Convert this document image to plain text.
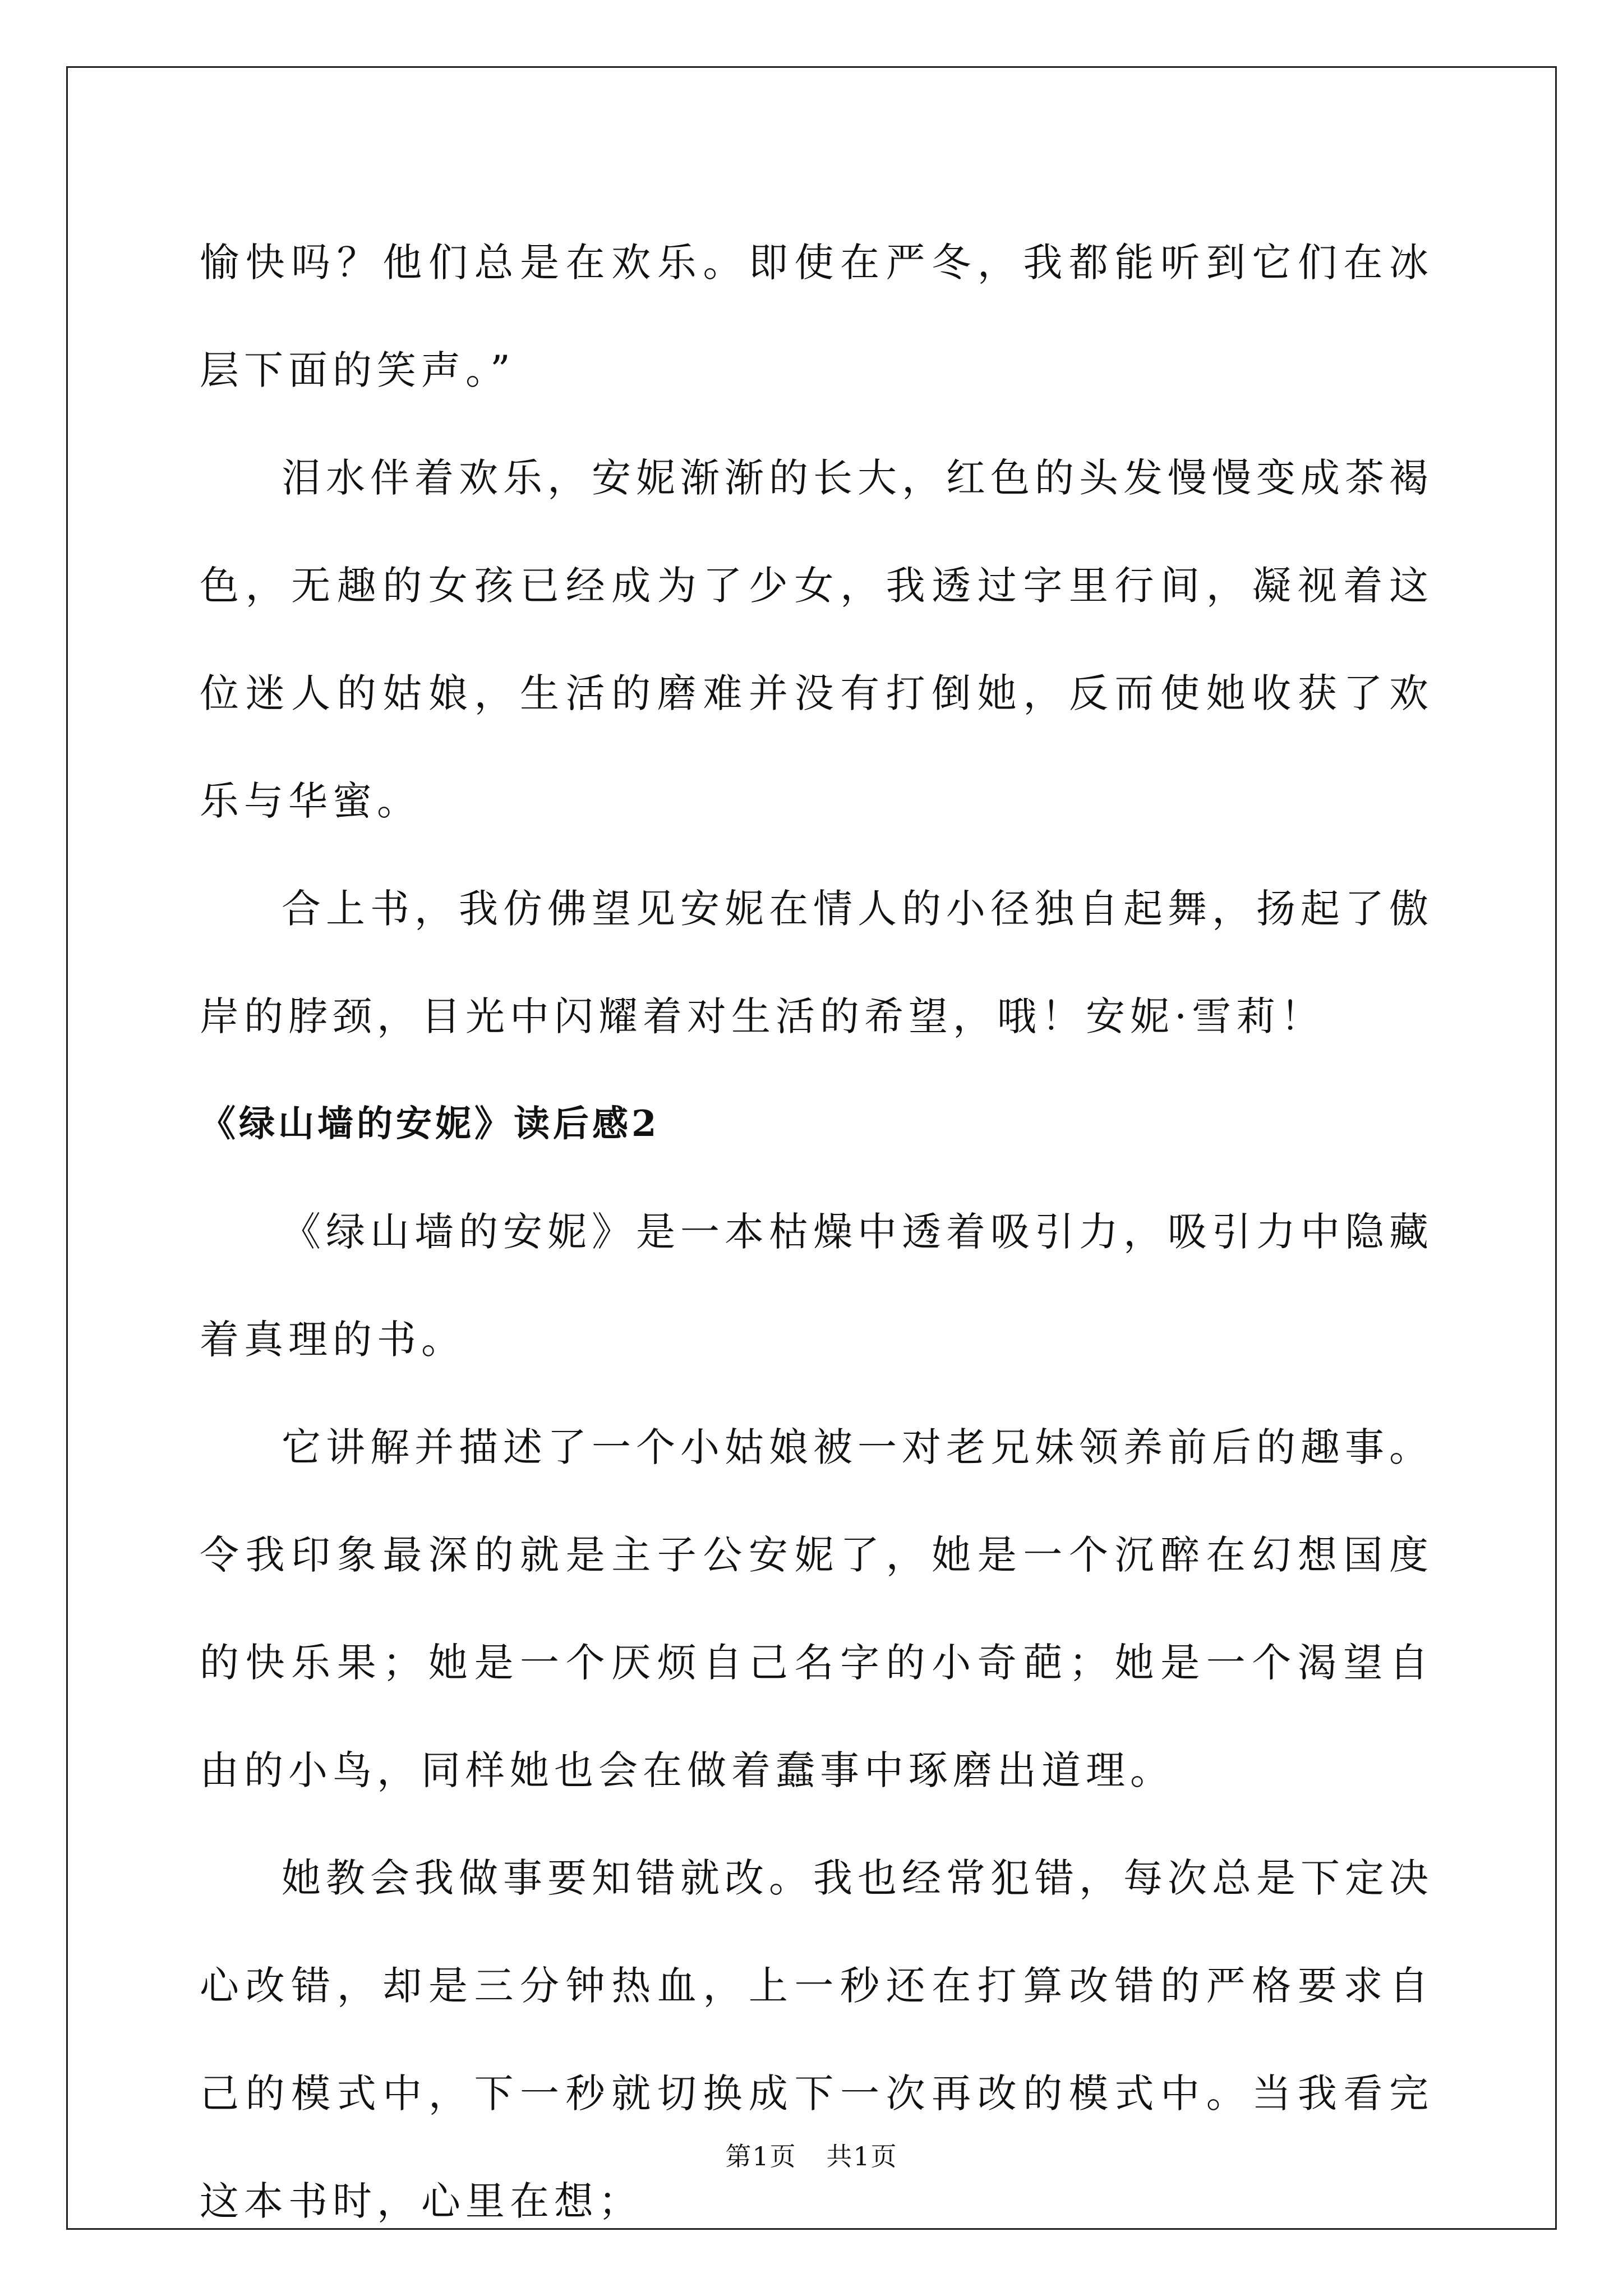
愉快吗？他们总是在欢乐。即使在严冬，我都能听到它们在冰层下面的笑声。”

泪水伴着欢乐，安妮渐渐的长大，红色的头发慢慢变成茶褐色，无趣的女孩已经成为了少女，我透过字里行间，凝视着这位迷人的姑娘，生活的磨难并没有打倒她，反而使她收获了欢乐与华蜜。

合上书，我仿佛望见安妮在情人的小径独自起舞，扬起了傲岸的脖颈，目光中闪耀着对生活的希望，哦！安妮·雪莉！

《绿山墙的安妮》读后感2

《绿山墙的安妮》是一本枯燥中透着吸引力，吸引力中隐藏着真理的书。

它讲解并描述了一个小姑娘被一对老兄妹领养前后的趣事。令我印象最深的就是主子公安妮了，她是一个沉醉在幻想国度的快乐果；她是一个厌烦自己名字的小奇葩；她是一个渴望自由的小鸟，同样她也会在做着蠢事中琢磨出道理。

她教会我做事要知错就改。我也经常犯错，每次总是下定决心改错，却是三分钟热血，上一秒还在打算改错的严格要求自己的模式中，下一秒就切换成下一次再改的模式中。当我看完这本书时，心里在想；

第1页 共1页
